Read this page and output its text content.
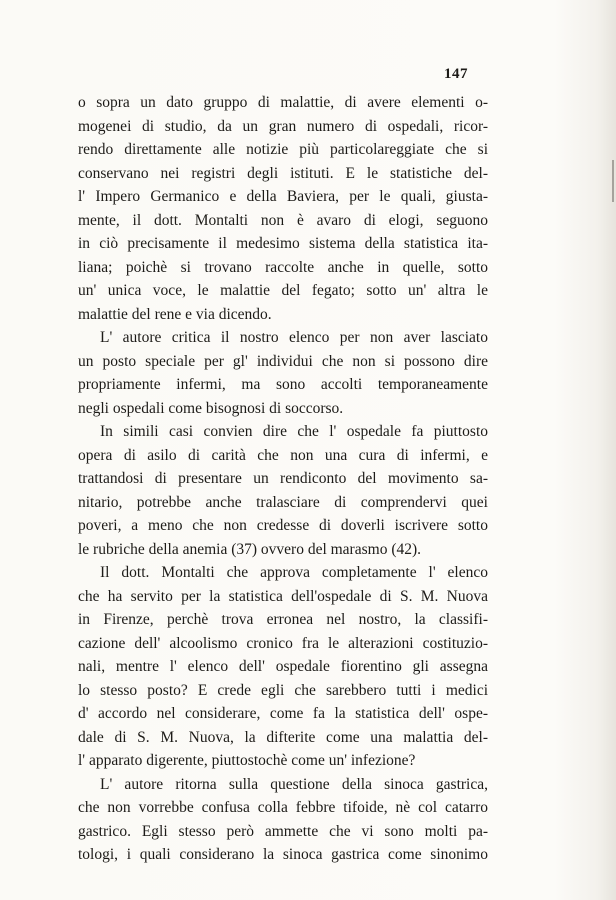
147
o sopra un dato gruppo di malattie, di avere elementi o-
mogenei di studio, da un gran numero di ospedali, ricor-
rendo direttamente alle notizie più particolareggiate che si
conservano nei registri degli istituti. E le statistiche del-
l' Impero Germanico e della Baviera, per le quali, giusta-
mente, il dott. Montalti non è avaro di elogi, seguono
in ciò precisamente il medesimo sistema della statistica ita-
liana; poichè si trovano raccolte anche in quelle, sotto
un' unica voce, le malattie del fegato; sotto un' altra le
malattie del rene e via dicendo.
L' autore critica il nostro elenco per non aver lasciato
un posto speciale per gl' individui che non si possono dire
propriamente infermi, ma sono accolti temporaneamente
negli ospedali come bisognosi di soccorso.
In simili casi convien dire che l' ospedale fa piuttosto
opera di asilo di carità che non una cura di infermi, e
trattandosi di presentare un rendiconto del movimento sa-
nitario, potrebbe anche tralasciare di comprendervi quei
poveri, a meno che non credesse di doverli iscrivere sotto
le rubriche della anemia (37) ovvero del marasmo (42).
Il dott. Montalti che approva completamente l' elenco
che ha servito per la statistica dell'ospedale di S. M. Nuova
in Firenze, perchè trova erronea nel nostro, la classifi-
cazione dell' alcoolismo cronico fra le alterazioni costituzio-
nali, mentre l' elenco dell' ospedale fiorentino gli assegna
lo stesso posto? E crede egli che sarebbero tutti i medici
d' accordo nel considerare, come fa la statistica dell' ospe-
dale di S. M. Nuova, la difterite come una malattia del-
l' apparato digerente, piuttostochè come un' infezione?
L' autore ritorna sulla questione della sinoca gastrica,
che non vorrebbe confusa colla febbre tifoide, nè col catarro
gastrico. Egli stesso però ammette che vi sono molti pa-
tologi, i quali considerano la sinoca gastrica come sinonimo
